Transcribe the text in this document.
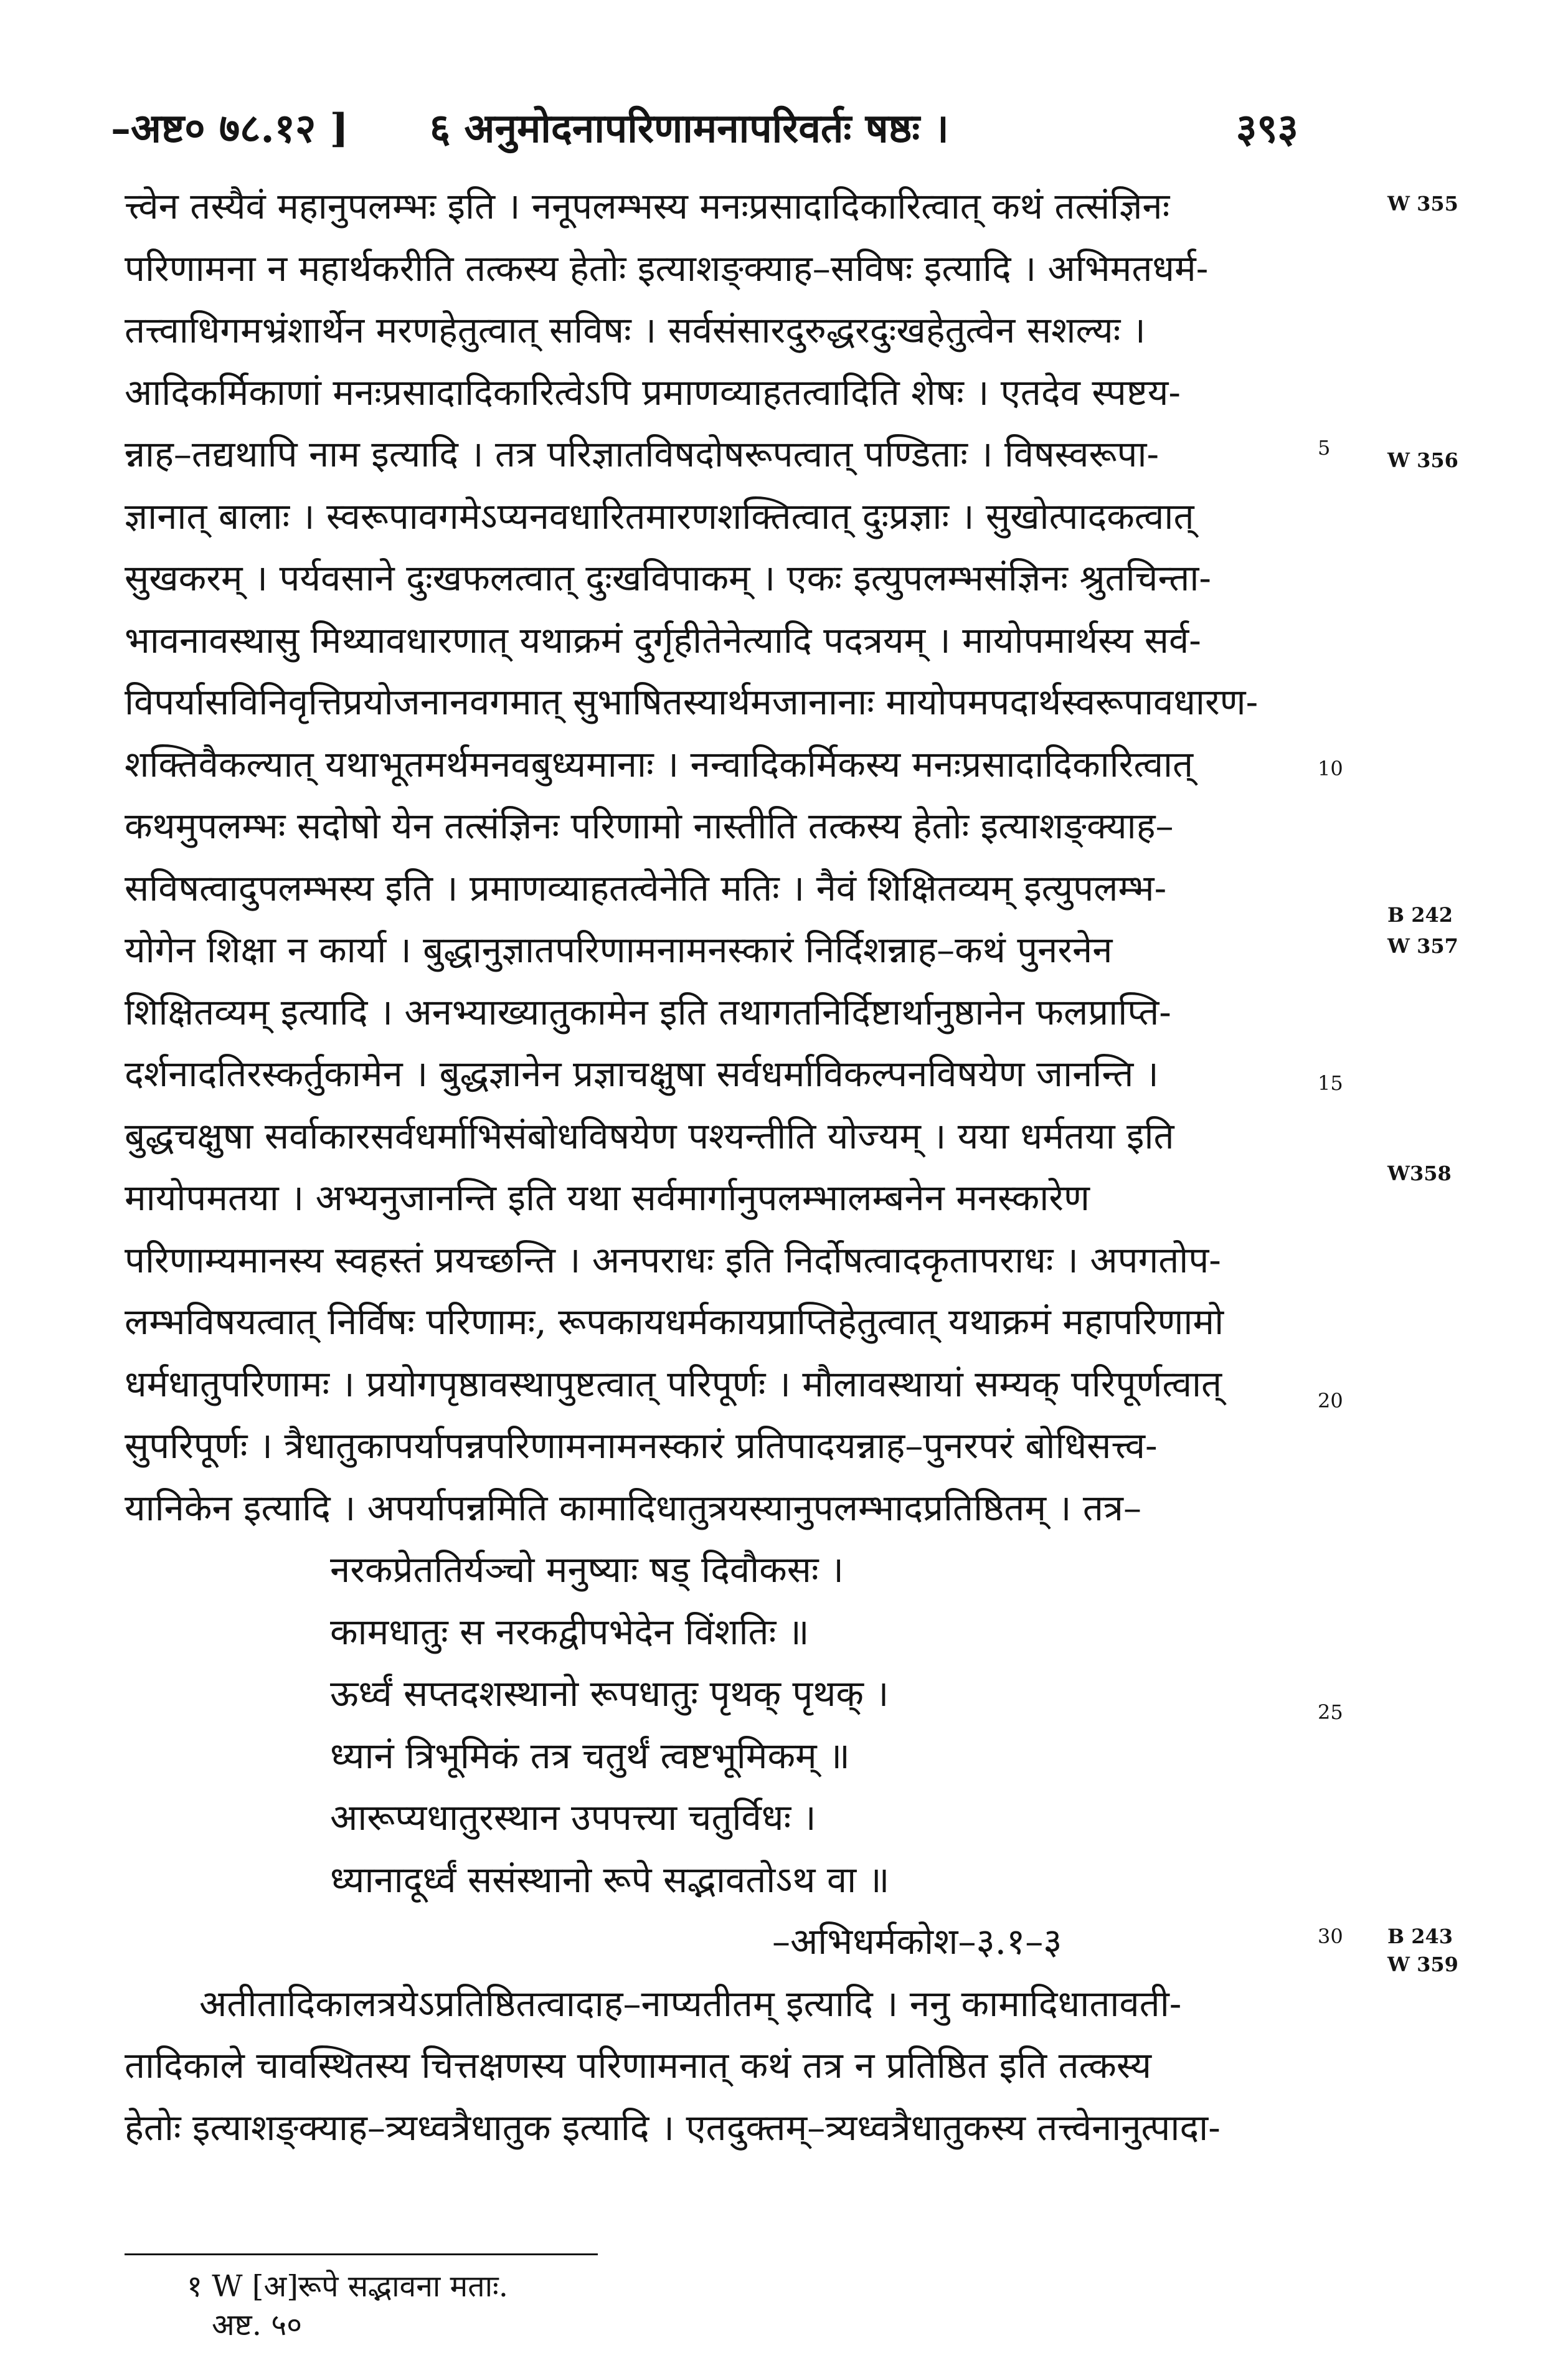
–अष्ट० ७८.१२ ] ६ अनुमोदनापरिणामनापरिवर्तः षष्ठः ।	३९३
त्त्वेन तस्यैवं महानुपलम्भः इति । ननूपलम्भस्य मनःप्रसादादिकारित्वात् कथं तत्संज्ञिनः
परिणामना न महार्थकरीति तत्कस्य हेतोः इत्याशङ्क्याह–सविषः इत्यादि । अभिमतधर्म-
तत्त्वाधिगमभ्रंशार्थेन मरणहेतुत्वात् सविषः । सर्वसंसारदुरुद्धरदुःखहेतुत्वेन सशल्यः ।
आदिकर्मिकाणां मनःप्रसादादिकारित्वेऽपि प्रमाणव्याहतत्वादिति शेषः । एतदेव स्पष्टय-
न्नाह–तद्यथापि नाम इत्यादि । तत्र परिज्ञातविषदोषरूपत्वात् पण्डिताः । विषस्वरूपा-
ज्ञानात् बालाः । स्वरूपावगमेऽप्यनवधारितमारणशक्तित्वात् दुःप्रज्ञाः । सुखोत्पादकत्वात्
सुखकरम् । पर्यवसाने दुःखफलत्वात् दुःखविपाकम् । एकः इत्युपलम्भसंज्ञिनः श्रुतचिन्ता-
भावनावस्थासु मिथ्यावधारणात् यथाक्रमं दुर्गृहीतेनेत्यादि पदत्रयम् । मायोपमार्थस्य सर्व-
विपर्यासविनिवृत्तिप्रयोजनानवगमात् सुभाषितस्यार्थमजानानाः मायोपमपदार्थस्वरूपावधारण-
शक्तिवैकल्यात् यथाभूतमर्थमनवबुध्यमानाः । नन्वादिकर्मिकस्य मनःप्रसादादिकारित्वात्
कथमुपलम्भः सदोषो येन तत्संज्ञिनः परिणामो नास्तीति तत्कस्य हेतोः इत्याशङ्क्याह–
सविषत्वादुपलम्भस्य इति । प्रमाणव्याहतत्वेनेति मतिः । नैवं शिक्षितव्यम् इत्युपलम्भ-
योगेन शिक्षा न कार्या । बुद्धानुज्ञातपरिणामनामनस्कारं निर्दिशन्नाह–कथं पुनरनेन
शिक्षितव्यम् इत्यादि । अनभ्याख्यातुकामेन इति तथागतनिर्दिष्टार्थानुष्ठानेन फलप्राप्ति-
दर्शनादतिरस्कर्तुकामेन । बुद्धज्ञानेन प्रज्ञाचक्षुषा सर्वधर्माविकल्पनविषयेण जानन्ति ।
बुद्धचक्षुषा सर्वाकारसर्वधर्माभिसंबोधविषयेण पश्यन्तीति योज्यम् । यया धर्मतया इति
मायोपमतया । अभ्यनुजानन्ति इति यथा सर्वमार्गानुपलम्भालम्बनेन मनस्कारेण
परिणाम्यमानस्य स्वहस्तं प्रयच्छन्ति । अनपराधः इति निर्दोषत्वादकृतापराधः । अपगतोप-
लम्भविषयत्वात् निर्विषः परिणामः, रूपकायधर्मकायप्राप्तिहेतुत्वात् यथाक्रमं महापरिणामो
धर्मधातुपरिणामः । प्रयोगपृष्ठावस्थापुष्टत्वात् परिपूर्णः । मौलावस्थायां सम्यक् परिपूर्णत्वात्
सुपरिपूर्णः । त्रैधातुकापर्यापन्नपरिणामनामनस्कारं प्रतिपादयन्नाह–पुनरपरं बोधिसत्त्व-
यानिकेन इत्यादि । अपर्यापन्नमिति कामादिधातुत्रयस्यानुपलम्भादप्रतिष्ठितम् । तत्र–
नरकप्रेततिर्यञ्चो मनुष्याः षड् दिवौकसः ।
कामधातुः स नरकद्वीपभेदेन विंशतिः ॥
ऊर्ध्वं सप्तदशस्थानो रूपधातुः पृथक् पृथक् ।
ध्यानं त्रिभूमिकं तत्र चतुर्थं त्वष्टभूमिकम् ॥
आरूप्यधातुरस्थान उपपत्त्या चतुर्विधः ।
ध्यानादूर्ध्वं ससंस्थानो रूपे सद्भावतोऽथ वा ॥
–अभिधर्मकोश–३.१–३
अतीतादिकालत्रयेऽप्रतिष्ठितत्वादाह–नाप्यतीतम् इत्यादि । ननु कामादिधातावती-
तादिकाले चावस्थितस्य चित्तक्षणस्य परिणामनात् कथं तत्र न प्रतिष्ठित इति तत्कस्य
हेतोः इत्याशङ्क्याह–त्र्यध्वत्रैधातुक इत्यादि । एतदुक्तम्–त्र्यध्वत्रैधातुकस्य तत्त्वेनानुत्पादा-
W 355
W 356
B 242
W 357
W358
B 243
W 359
5
10
15
20
25
30
१ W [अ]रूपे सद्भावना मताः.
अष्ट. ५०
